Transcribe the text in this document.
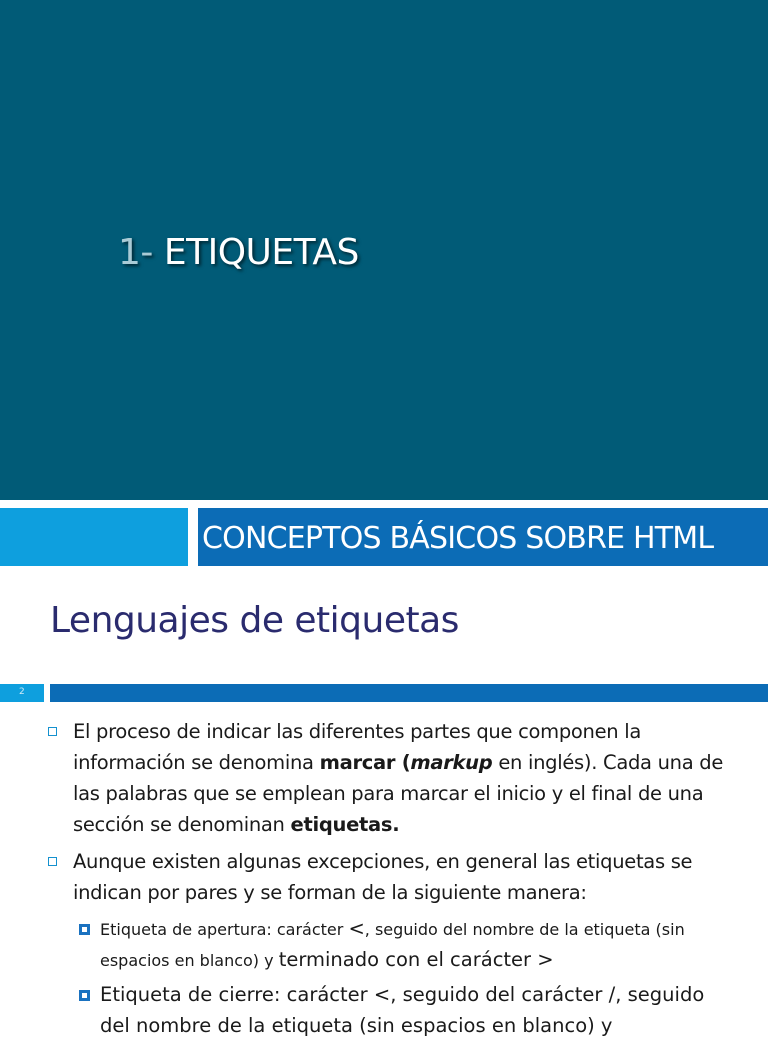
1- ETIQUETAS
CONCEPTOS BÁSICOS SOBRE HTML
Lenguajes de etiquetas
2
El proceso de indicar las diferentes partes que componen la información se denomina marcar (markup en inglés). Cada una de las palabras que se emplean para marcar el inicio y el final de una sección se denominan etiquetas.
Aunque existen algunas excepciones, en general las etiquetas se indican por pares y se forman de la siguiente manera:
Etiqueta de apertura: carácter <, seguido del nombre de la etiqueta (sin espacios en blanco) y terminado con el carácter >
Etiqueta de cierre: carácter <, seguido del carácter /, seguido del nombre de la etiqueta (sin espacios en blanco) y
